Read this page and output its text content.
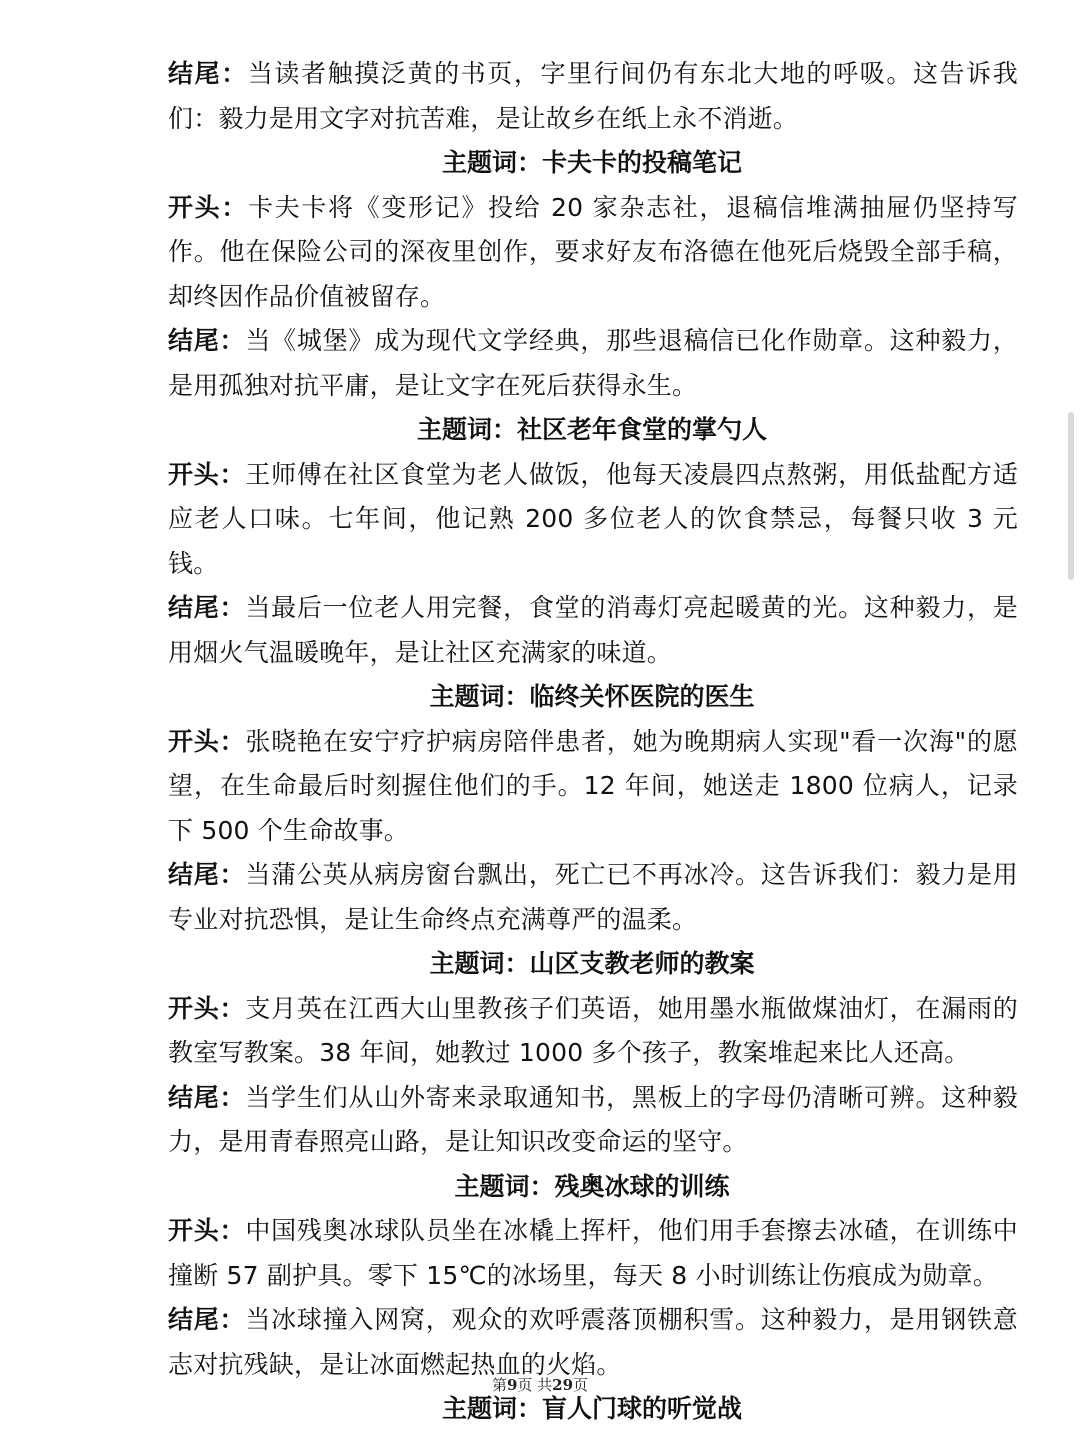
结尾：当读者触摸泛黄的书页，字里行间仍有东北大地的呼吸。这告诉我们：毅力是用文字对抗苦难，是让故乡在纸上永不消逝。

主题词：卡夫卡的投稿笔记

开头：卡夫卡将《变形记》投给 20 家杂志社，退稿信堆满抽屉仍坚持写作。他在保险公司的深夜里创作，要求好友布洛德在他死后烧毁全部手稿，却终因作品价值被留存。

结尾：当《城堡》成为现代文学经典，那些退稿信已化作勋章。这种毅力，是用孤独对抗平庸，是让文字在死后获得永生。

主题词：社区老年食堂的掌勺人

开头：王师傅在社区食堂为老人做饭，他每天凌晨四点熬粥，用低盐配方适应老人口味。七年间，他记熟 200 多位老人的饮食禁忌，每餐只收 3 元钱。

结尾：当最后一位老人用完餐，食堂的消毒灯亮起暖黄的光。这种毅力，是用烟火气温暖晚年，是让社区充满家的味道。

主题词：临终关怀医院的医生

开头：张晓艳在安宁疗护病房陪伴患者，她为晚期病人实现"看一次海"的愿望，在生命最后时刻握住他们的手。12 年间，她送走 1800 位病人，记录下 500 个生命故事。

结尾：当蒲公英从病房窗台飘出，死亡已不再冰冷。这告诉我们：毅力是用专业对抗恐惧，是让生命终点充满尊严的温柔。

主题词：山区支教老师的教案

开头：支月英在江西大山里教孩子们英语，她用墨水瓶做煤油灯，在漏雨的教室写教案。38 年间，她教过 1000 多个孩子，教案堆起来比人还高。

结尾：当学生们从山外寄来录取通知书，黑板上的字母仍清晰可辨。这种毅力，是用青春照亮山路，是让知识改变命运的坚守。

主题词：残奥冰球的训练

开头：中国残奥冰球队员坐在冰橇上挥杆，他们用手套擦去冰碴，在训练中撞断 57 副护具。零下 15℃的冰场里，每天 8 小时训练让伤痕成为勋章。

结尾：当冰球撞入网窝，观众的欢呼震落顶棚积雪。这种毅力，是用钢铁意志对抗残缺，是让冰面燃起热血的火焰。

主题词：盲人门球的听觉战

第9页 共29页
